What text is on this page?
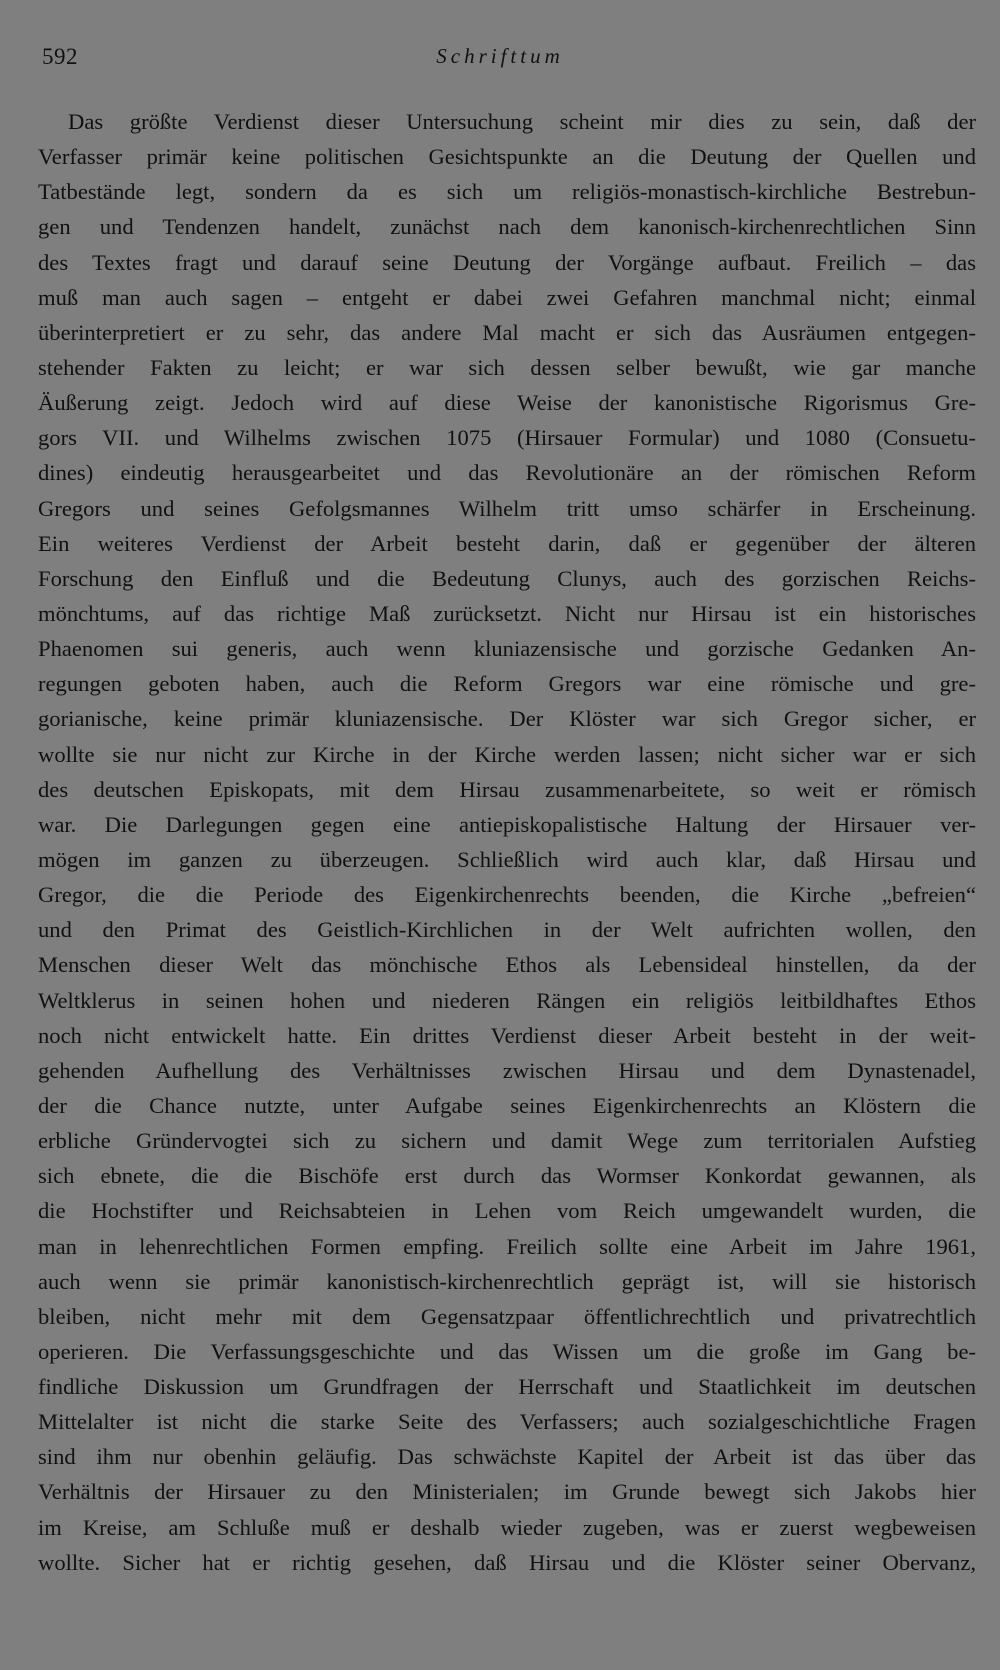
592	Schrifttum
Das größte Verdienst dieser Untersuchung scheint mir dies zu sein, daß der
Verfasser primär keine politischen Gesichtspunkte an die Deutung der Quellen und
Tatbestände legt, sondern da es sich um religiös-monastisch-kirchliche Bestrebun-
gen und Tendenzen handelt, zunächst nach dem kanonisch-kirchenrechtlichen Sinn
des Textes fragt und darauf seine Deutung der Vorgänge aufbaut. Freilich – das
muß man auch sagen – entgeht er dabei zwei Gefahren manchmal nicht; einmal
überinterpretiert er zu sehr, das andere Mal macht er sich das Ausräumen entgegen-
stehender Fakten zu leicht; er war sich dessen selber bewußt, wie gar manche
Äußerung zeigt. Jedoch wird auf diese Weise der kanonistische Rigorismus Gre-
gors VII. und Wilhelms zwischen 1075 (Hirsauer Formular) und 1080 (Consuetu-
dines) eindeutig herausgearbeitet und das Revolutionäre an der römischen Reform
Gregors und seines Gefolgsmannes Wilhelm tritt umso schärfer in Erscheinung.
Ein weiteres Verdienst der Arbeit besteht darin, daß er gegenüber der älteren
Forschung den Einfluß und die Bedeutung Clunys, auch des gorzischen Reichs-
mönchtums, auf das richtige Maß zurücksetzt. Nicht nur Hirsau ist ein historisches
Phaenomen sui generis, auch wenn kluniazensische und gorzische Gedanken An-
regungen geboten haben, auch die Reform Gregors war eine römische und gre-
gorianische, keine primär kluniazensische. Der Klöster war sich Gregor sicher, er
wollte sie nur nicht zur Kirche in der Kirche werden lassen; nicht sicher war er sich
des deutschen Episkopats, mit dem Hirsau zusammenarbeitete, so weit er römisch
war. Die Darlegungen gegen eine antiepiskopalistische Haltung der Hirsauer ver-
mögen im ganzen zu überzeugen. Schließlich wird auch klar, daß Hirsau und
Gregor, die die Periode des Eigenkirchenrechts beenden, die Kirche „befreien“
und den Primat des Geistlich-Kirchlichen in der Welt aufrichten wollen, den
Menschen dieser Welt das mönchische Ethos als Lebensideal hinstellen, da der
Weltklerus in seinen hohen und niederen Rängen ein religiös leitbildhaftes Ethos
noch nicht entwickelt hatte. Ein drittes Verdienst dieser Arbeit besteht in der weit-
gehenden Aufhellung des Verhältnisses zwischen Hirsau und dem Dynastenadel,
der die Chance nutzte, unter Aufgabe seines Eigenkirchenrechts an Klöstern die
erbliche Gründervogtei sich zu sichern und damit Wege zum territorialen Aufstieg
sich ebnete, die die Bischöfe erst durch das Wormser Konkordat gewannen, als
die Hochstifter und Reichsabteien in Lehen vom Reich umgewandelt wurden, die
man in lehenrechtlichen Formen empfing. Freilich sollte eine Arbeit im Jahre 1961,
auch wenn sie primär kanonistisch-kirchenrechtlich geprägt ist, will sie historisch
bleiben, nicht mehr mit dem Gegensatzpaar öffentlichrechtlich und privatrechtlich
operieren. Die Verfassungsgeschichte und das Wissen um die große im Gang be-
findliche Diskussion um Grundfragen der Herrschaft und Staatlichkeit im deutschen
Mittelalter ist nicht die starke Seite des Verfassers; auch sozialgeschichtliche Fragen
sind ihm nur obenhin geläufig. Das schwächste Kapitel der Arbeit ist das über das
Verhältnis der Hirsauer zu den Ministerialen; im Grunde bewegt sich Jakobs hier
im Kreise, am Schluße muß er deshalb wieder zugeben, was er zuerst wegbeweisen
wollte. Sicher hat er richtig gesehen, daß Hirsau und die Klöster seiner Obervanz,
